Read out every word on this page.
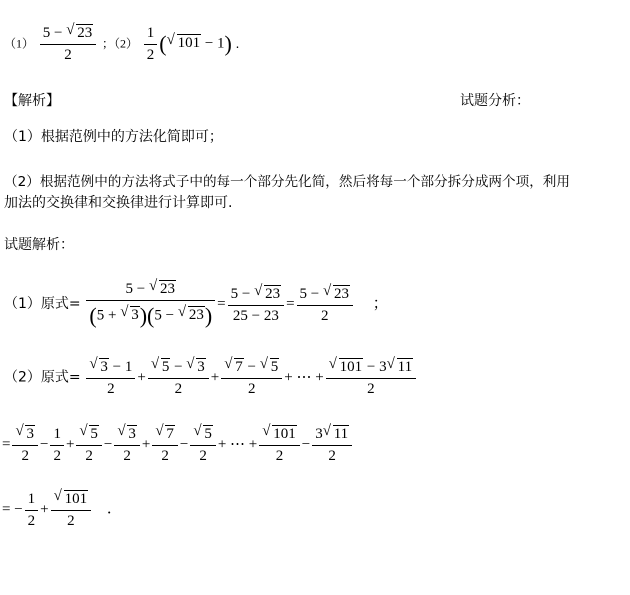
$(1) \frac{5 - √ 23}{2}$ ；$(2) \frac{1}{2}$ ( √ 101 − 1) ．
【解析】	试题分析：
（1）根据范例中的方法化简即可；
（2）根据范例中的方法将式子中的每一个部分先化简，然后将每一个部分拆分成两个项，利用
加法的交换律和交换律进行计算即可.
试题解析：
（1）原式= $\frac{5 - √ 23}{(5 + √ 3)(5 - √ 23)} = \frac{5 - √ 23}{25 - 23} = \frac{5 - √ 23}{2}$ ；
（2）原式= √ $\frac{3 - 1}{2}$ + √ $\frac{5 - √ 3}{2}$ + √ $\frac{7 - √ 5}{2}$ + ⋯ + √ $\frac{101 - 3 √ 11}{2}$
= √ $\frac{3}{2} - \frac{1}{2}$ + √ $\frac{5}{2}$ − √ $\frac{3}{2}$ + √ $\frac{7}{2}$ − √ $\frac{5}{2}$ + ⋯ + √ $\frac{101}{2} - \frac{3 √ 11}{2}$
= − $\frac{1}{2}$ + √ $\frac{101}{2}$ ．
